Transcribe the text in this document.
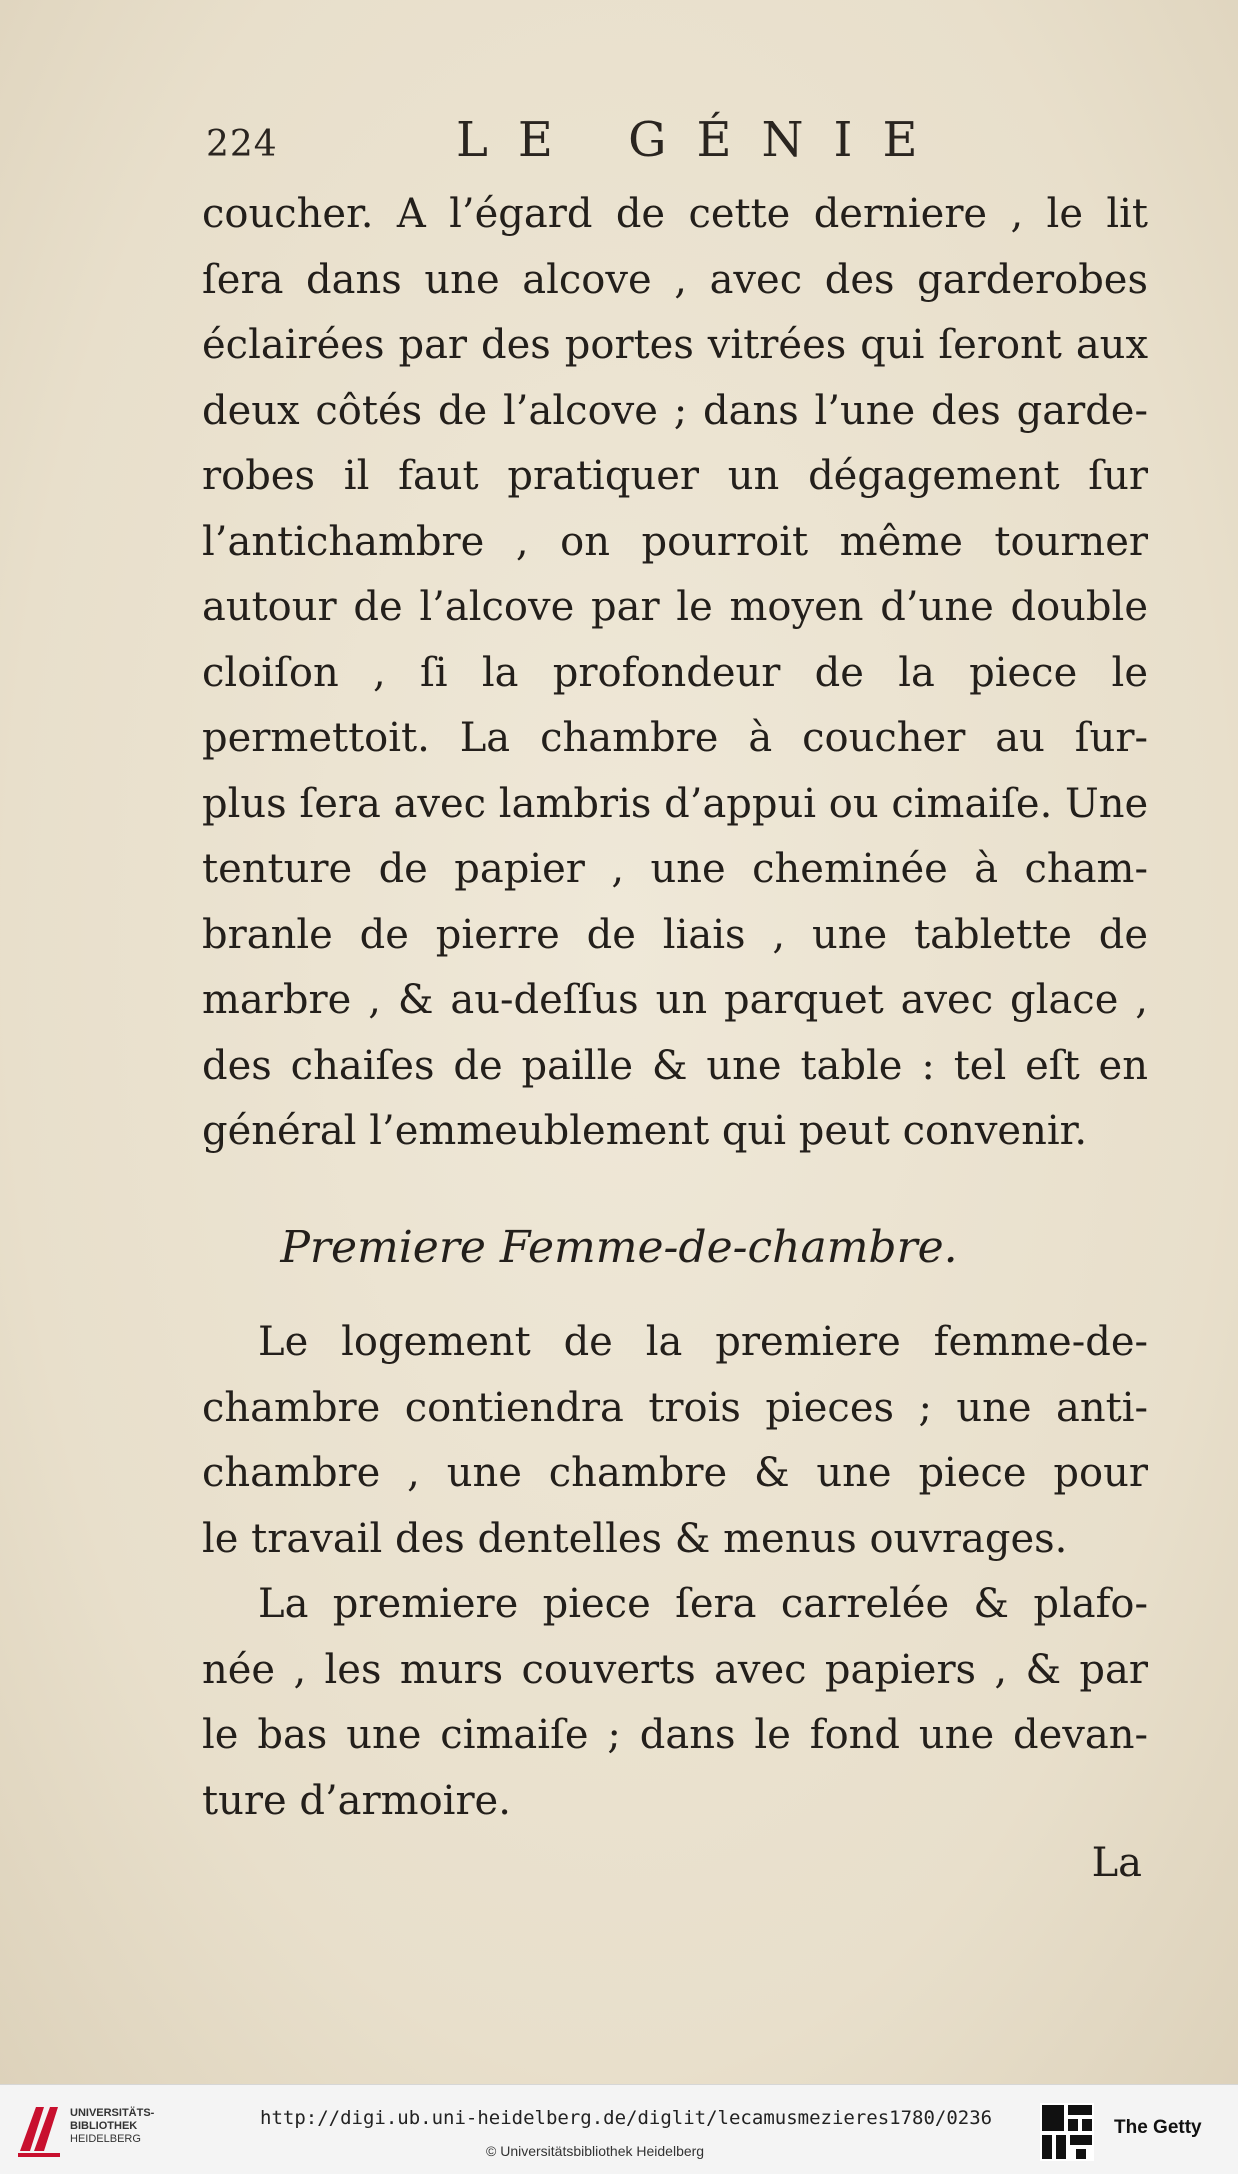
224	LE GÉNIE
coucher. A l’égard de cette derniere , le lit
ſera dans une alcove , avec des garderobes
éclairées par des portes vitrées qui ſeront aux
deux côtés de l’alcove ; dans l’une des garde-
robes il faut pratiquer un dégagement ſur
l’antichambre , on pourroit même tourner
autour de l’alcove par le moyen d’une double
cloiſon , ſi la profondeur de la piece le
permettoit. La chambre à coucher au ſur-
plus ſera avec lambris d’appui ou cimaiſe. Une
tenture de papier , une cheminée à cham-
branle de pierre de liais , une tablette de
marbre , & au-deſſus un parquet avec glace ,
des chaiſes de paille & une table : tel eſt en
général l’emmeublement qui peut convenir.
Premiere Femme-de-chambre.
Le logement de la premiere femme-de-
chambre contiendra trois pieces ; une anti-
chambre , une chambre & une piece pour
le travail des dentelles & menus ouvrages.
La premiere piece ſera carrelée & plafo-
née , les murs couverts avec papiers , & par
le bas une cimaiſe ; dans le fond une devan-
ture d’armoire.
La
UNIVERSITÄTS-
BIBLIOTHEK
HEIDELBERG
http://digi.ub.uni-heidelberg.de/diglit/lecamusmezieres1780/0236
© Universitätsbibliothek Heidelberg
The Getty
